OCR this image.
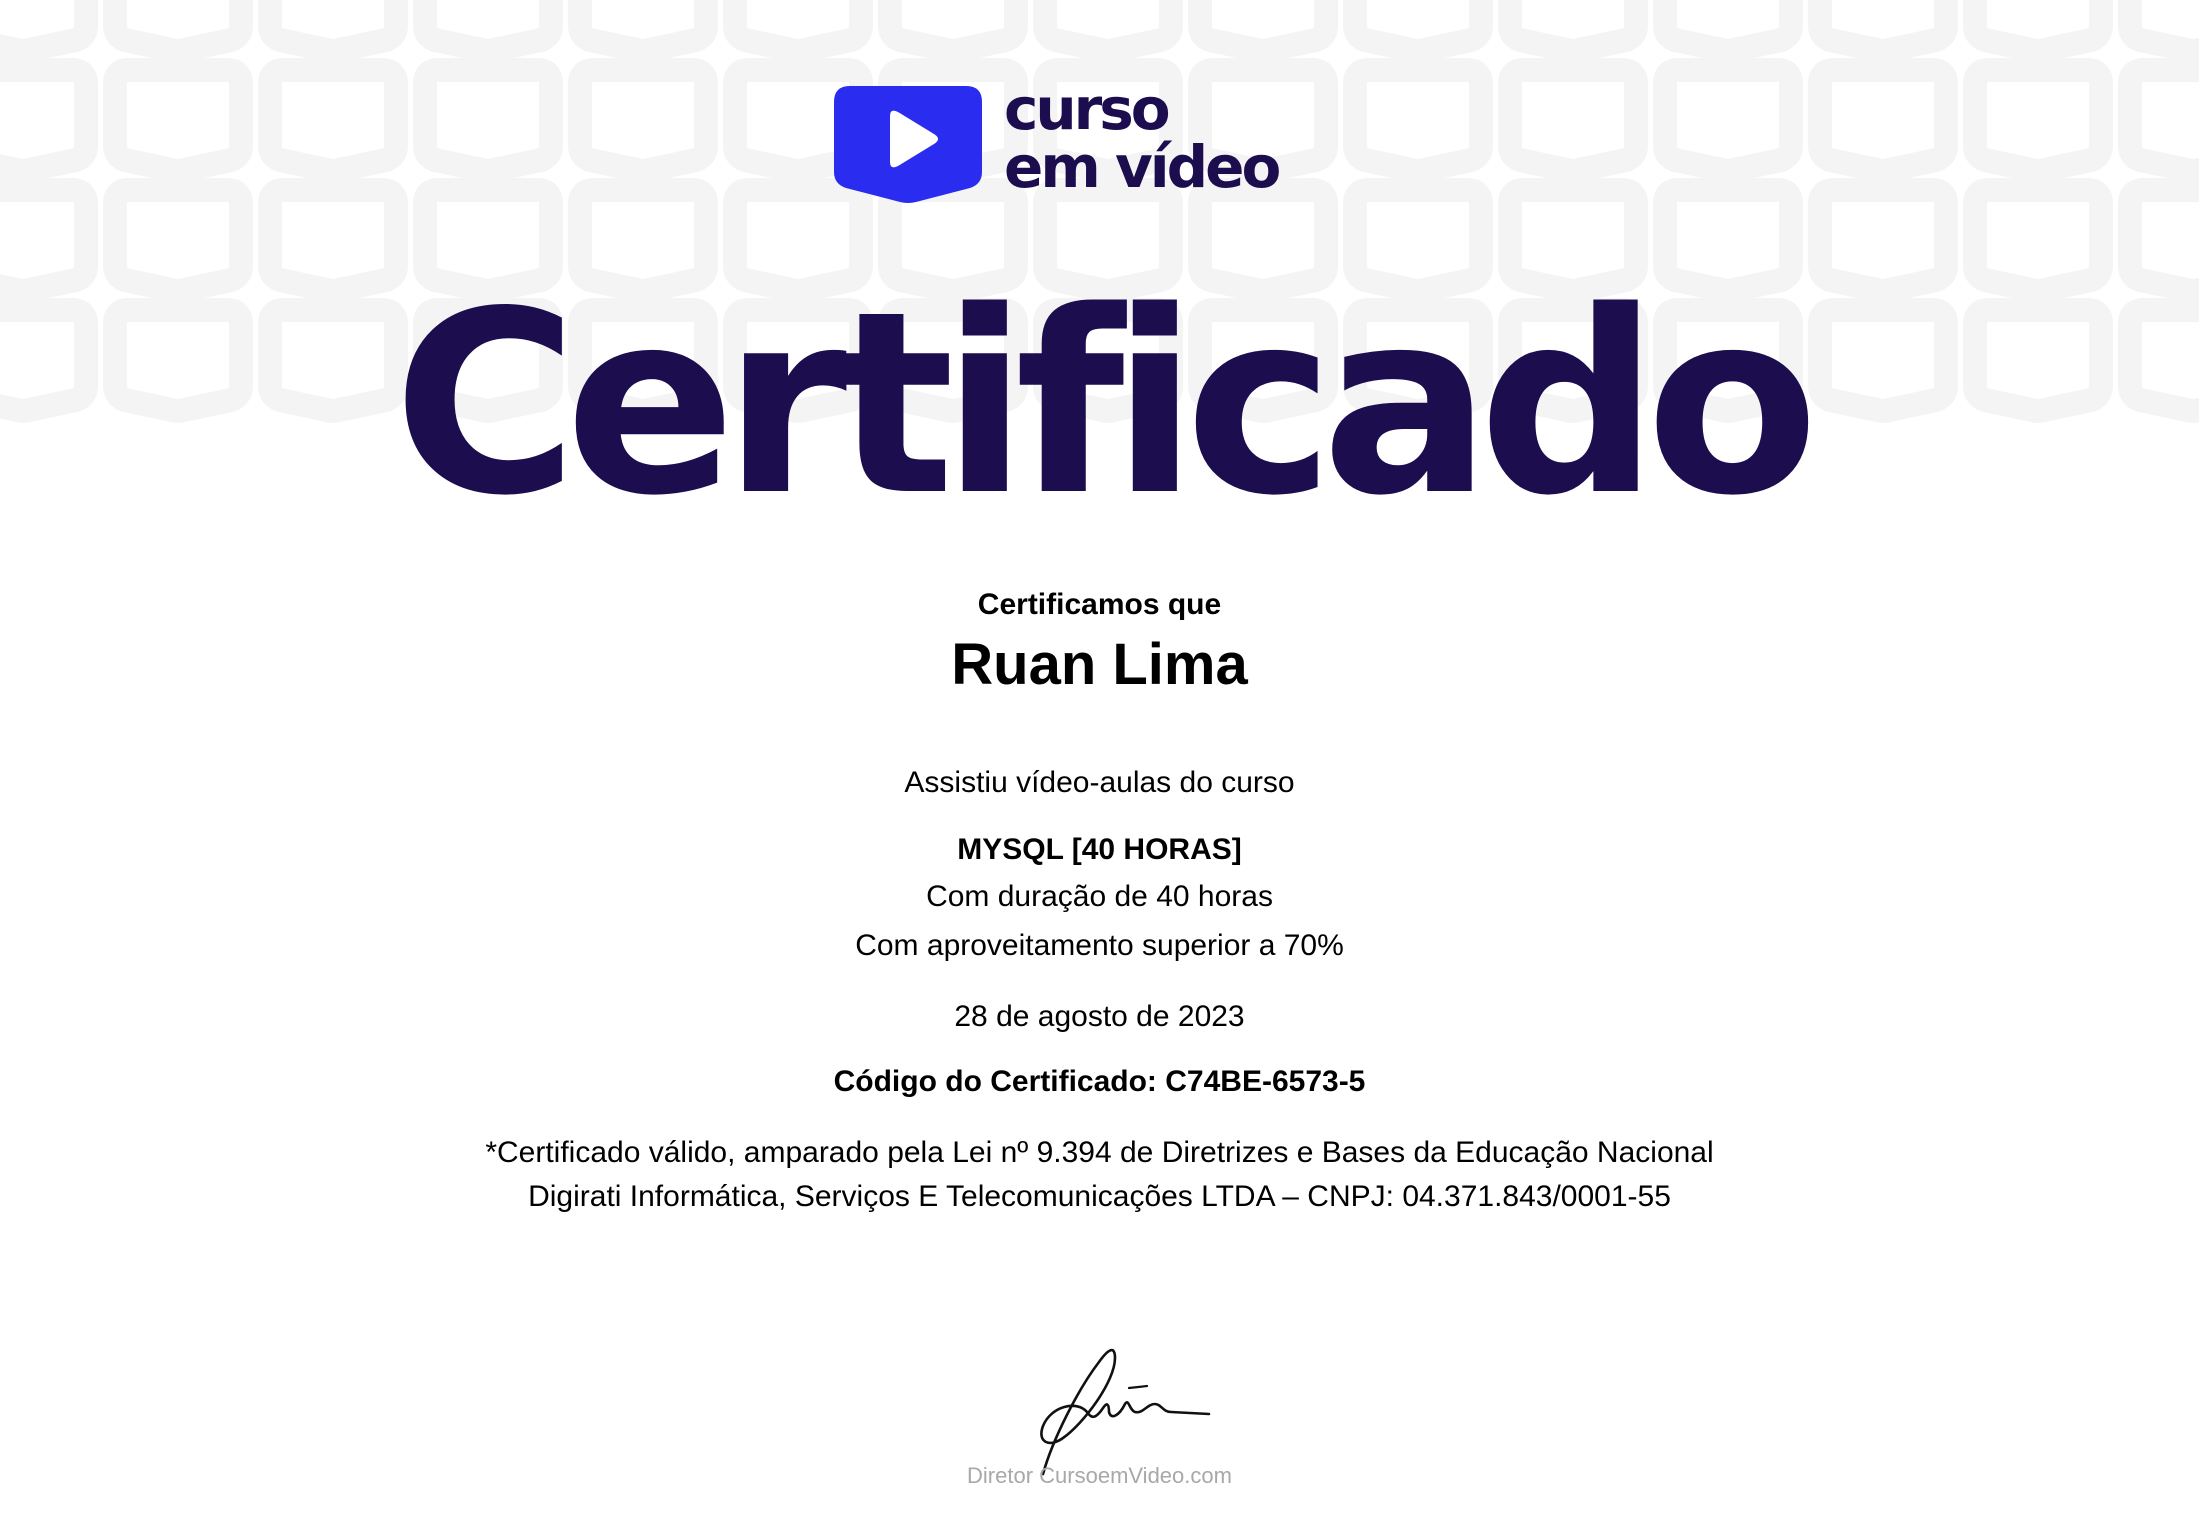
curso
em vídeo
Certificado
Certificamos que
Ruan Lima
Assistiu vídeo-aulas do curso
MYSQL [40 HORAS]
Com duração de 40 horas
Com aproveitamento superior a 70%
28 de agosto de 2023
Código do Certificado: C74BE-6573-5
*Certificado válido, amparado pela Lei nº 9.394 de Diretrizes e Bases da Educação Nacional
Digirati Informática, Serviços E Telecomunicações LTDA – CNPJ: 04.371.843/0001-55
Diretor CursoemVideo.com
